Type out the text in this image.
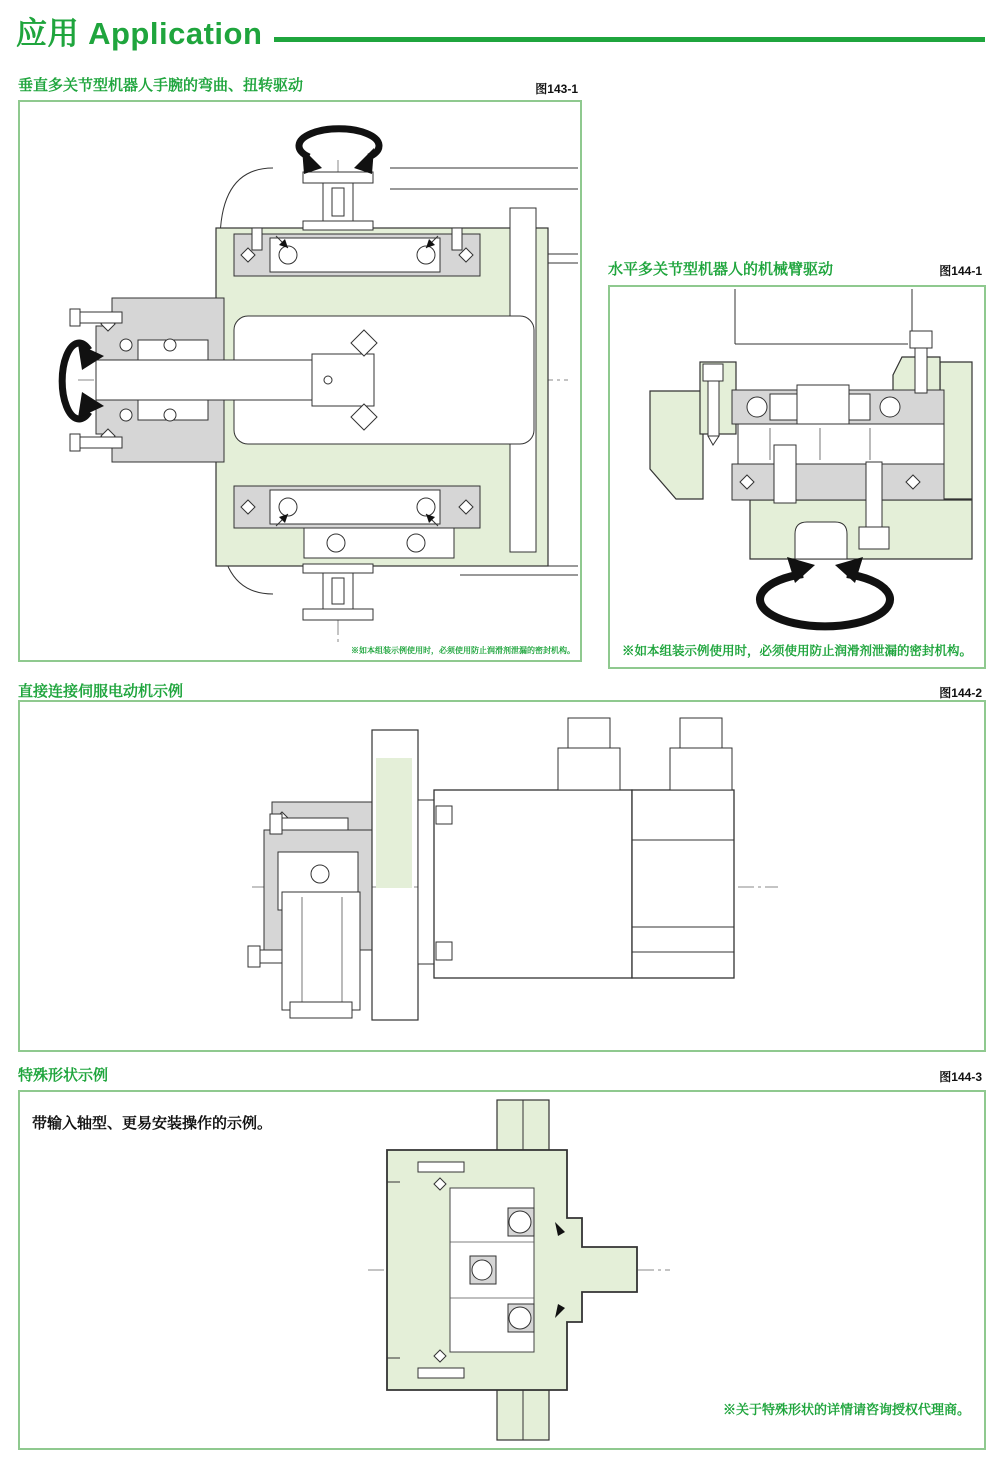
应用 Application
垂直多关节型机器人手腕的弯曲、扭转驱动	图143-1
※如本组装示例使用时，必须使用防止润滑剂泄漏的密封机构。
水平多关节型机器人的机械臂驱动	图144-1
※如本组装示例使用时，必须使用防止润滑剂泄漏的密封机构。
直接连接伺服电动机示例	图144-2
特殊形状示例	图144-3
带输入轴型、更易安装操作的示例。
※关于特殊形状的详情请咨询授权代理商。
